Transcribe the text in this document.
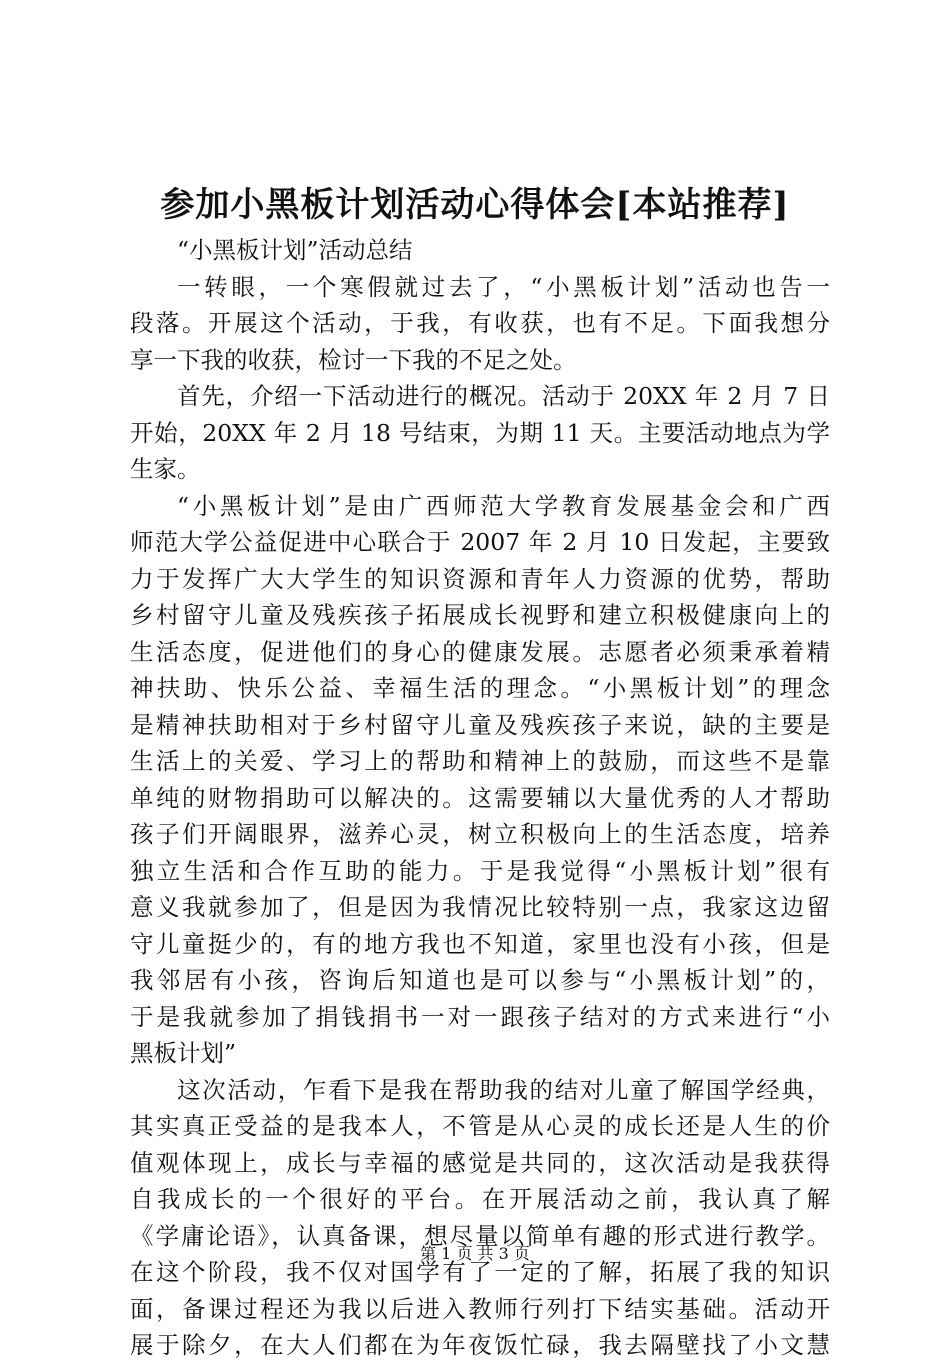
参加小黑板计划活动心得体会[本站推荐]
“小黑板计划”活动总结
一转眼，一个寒假就过去了，“小黑板计划”活动也告一
段落。开展这个活动，于我，有收获，也有不足。下面我想分
享一下我的收获，检讨一下我的不足之处。
首先，介绍一下活动进行的概况。活动于 20XX 年 2 月 7 日
开始，20XX 年 2 月 18 号结束，为期 11 天。主要活动地点为学
生家。
“小黑板计划”是由广西师范大学教育发展基金会和广西
师范大学公益促进中心联合于 2007 年 2 月 10 日发起，主要致
力于发挥广大大学生的知识资源和青年人力资源的优势，帮助
乡村留守儿童及残疾孩子拓展成长视野和建立积极健康向上的
生活态度，促进他们的身心的健康发展。志愿者必须秉承着精
神扶助、快乐公益、幸福生活的理念。“小黑板计划”的理念
是精神扶助相对于乡村留守儿童及残疾孩子来说，缺的主要是
生活上的关爱、学习上的帮助和精神上的鼓励，而这些不是靠
单纯的财物捐助可以解决的。这需要辅以大量优秀的人才帮助
孩子们开阔眼界，滋养心灵，树立积极向上的生活态度，培养
独立生活和合作互助的能力。于是我觉得“小黑板计划”很有
意义我就参加了，但是因为我情况比较特别一点，我家这边留
守儿童挺少的，有的地方我也不知道，家里也没有小孩，但是
我邻居有小孩，咨询后知道也是可以参与“小黑板计划”的，
于是我就参加了捐钱捐书一对一跟孩子结对的方式来进行“小
黑板计划”
这次活动，乍看下是我在帮助我的结对儿童了解国学经典，
其实真正受益的是我本人，不管是从心灵的成长还是人生的价
值观体现上，成长与幸福的感觉是共同的，这次活动是我获得
自我成长的一个很好的平台。在开展活动之前，我认真了解
《学庸论语》，认真备课，想尽量以简单有趣的形式进行教学。
在这个阶段，我不仅对国学有了一定的了解，拓展了我的知识
面，备课过程还为我以后进入教师行列打下结实基础。活动开
展于除夕，在大人们都在为年夜饭忙碌，我去隔壁找了小文慧
第 1 页 共 3 页
